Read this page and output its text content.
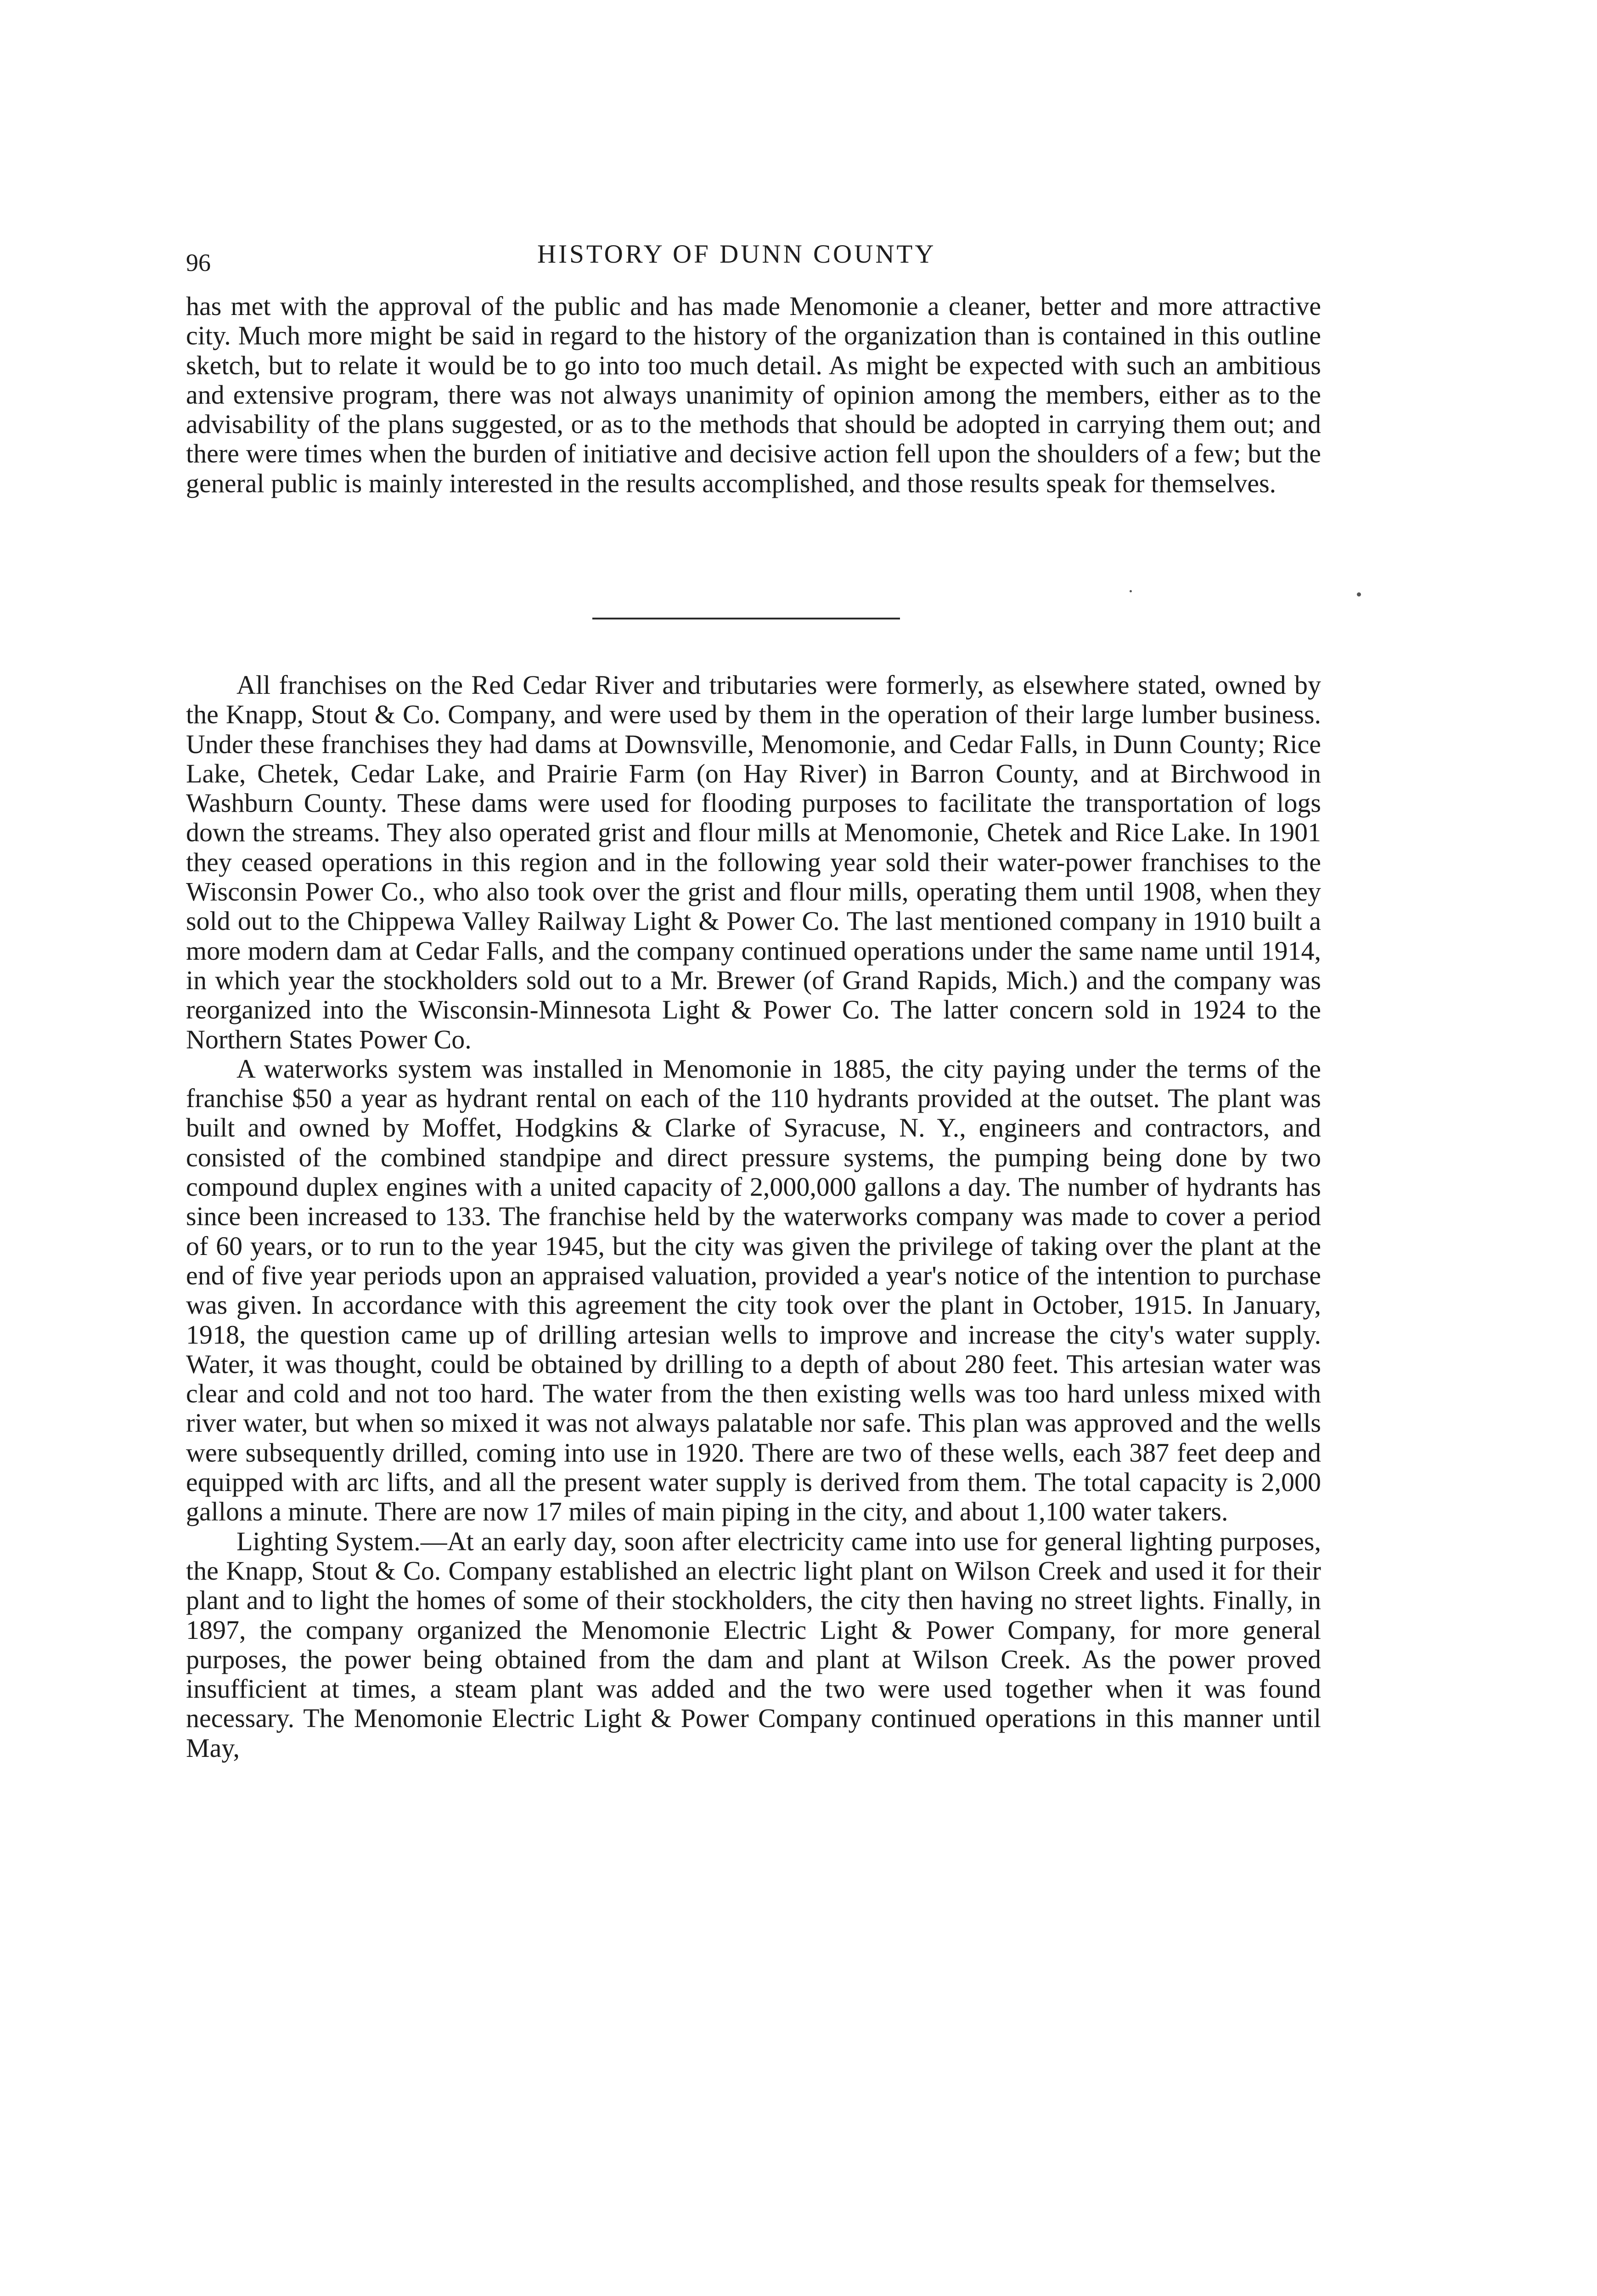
96	HISTORY OF DUNN COUNTY

has met with the approval of the public and has made Menomonie a cleaner, better and more attractive city. Much more might be said in regard to the history of the organization than is contained in this outline sketch, but to relate it would be to go into too much detail. As might be expected with such an ambitious and extensive program, there was not always unanimity of opinion among the members, either as to the advisability of the plans suggested, or as to the methods that should be adopted in carrying them out; and there were times when the burden of initiative and decisive action fell upon the shoulders of a few; but the general public is mainly interested in the results accomplished, and those results speak for themselves.

All franchises on the Red Cedar River and tributaries were formerly, as elsewhere stated, owned by the Knapp, Stout & Co. Company, and were used by them in the operation of their large lumber business. Under these franchises they had dams at Downsville, Menomonie, and Cedar Falls, in Dunn County; Rice Lake, Chetek, Cedar Lake, and Prairie Farm (on Hay River) in Barron County, and at Birchwood in Washburn County. These dams were used for flooding purposes to facilitate the transportation of logs down the streams. They also operated grist and flour mills at Menomonie, Chetek and Rice Lake. In 1901 they ceased operations in this region and in the following year sold their water-power franchises to the Wisconsin Power Co., who also took over the grist and flour mills, operating them until 1908, when they sold out to the Chippewa Valley Railway Light & Power Co. The last mentioned company in 1910 built a more modern dam at Cedar Falls, and the company continued operations under the same name until 1914, in which year the stockholders sold out to a Mr. Brewer (of Grand Rapids, Mich.) and the company was reorganized into the Wisconsin-Minnesota Light & Power Co. The latter concern sold in 1924 to the Northern States Power Co.

A waterworks system was installed in Menomonie in 1885, the city paying under the terms of the franchise $50 a year as hydrant rental on each of the 110 hydrants provided at the outset. The plant was built and owned by Moffet, Hodgkins & Clarke of Syracuse, N. Y., engineers and contractors, and consisted of the combined standpipe and direct pressure systems, the pumping being done by two compound duplex engines with a united capacity of 2,000,000 gallons a day. The number of hydrants has since been increased to 133. The franchise held by the waterworks company was made to cover a period of 60 years, or to run to the year 1945, but the city was given the privilege of taking over the plant at the end of five year periods upon an appraised valuation, provided a year's notice of the intention to purchase was given. In accordance with this agreement the city took over the plant in October, 1915. In January, 1918, the question came up of drilling artesian wells to improve and increase the city's water supply. Water, it was thought, could be obtained by drilling to a depth of about 280 feet. This artesian water was clear and cold and not too hard. The water from the then existing wells was too hard unless mixed with river water, but when so mixed it was not always palatable nor safe. This plan was approved and the wells were subsequently drilled, coming into use in 1920. There are two of these wells, each 387 feet deep and equipped with arc lifts, and all the present water supply is derived from them. The total capacity is 2,000 gallons a minute. There are now 17 miles of main piping in the city, and about 1,100 water takers.

Lighting System.—At an early day, soon after electricity came into use for general lighting purposes, the Knapp, Stout & Co. Company established an electric light plant on Wilson Creek and used it for their plant and to light the homes of some of their stockholders, the city then having no street lights. Finally, in 1897, the company organized the Menomonie Electric Light & Power Company, for more general purposes, the power being obtained from the dam and plant at Wilson Creek. As the power proved insufficient at times, a steam plant was added and the two were used together when it was found necessary. The Menomonie Electric Light & Power Company continued operations in this manner until May,
